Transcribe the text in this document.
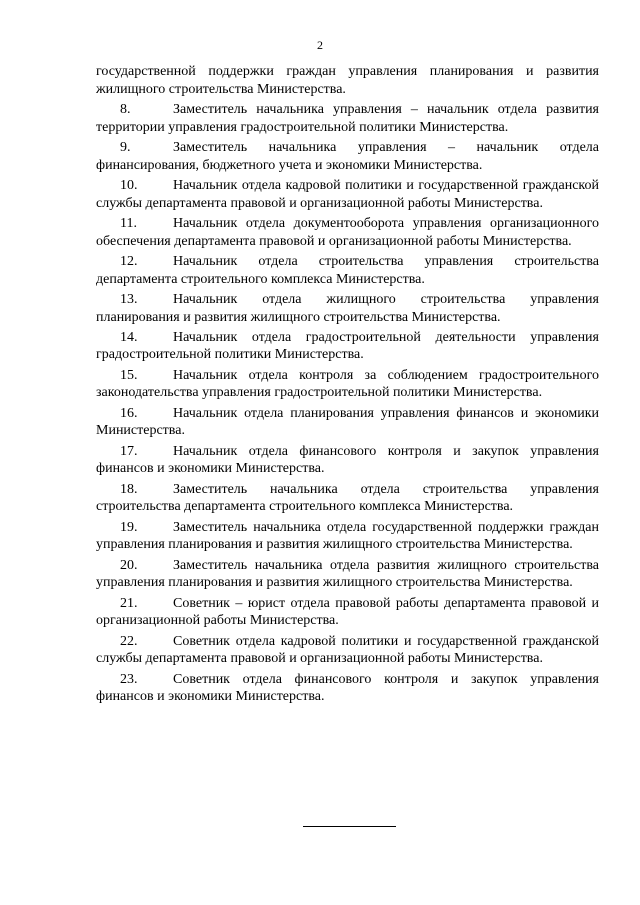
2

государственной поддержки граждан управления планирования и развития жилищного строительства Министерства.

8.	Заместитель начальника управления – начальник отдела развития территории управления градостроительной политики Министерства.

9.	Заместитель начальника управления – начальник отдела финансирования, бюджетного учета и экономики Министерства.

10.	Начальник отдела кадровой политики и государственной гражданской службы департамента правовой и организационной работы Министерства.

11.	Начальник отдела документооборота управления организационного обеспечения департамента правовой и организационной работы Министерства.

12.	Начальник отдела строительства управления строительства департамента строительного комплекса Министерства.

13.	Начальник отдела жилищного строительства управления планирования и развития жилищного строительства Министерства.

14.	Начальник отдела градостроительной деятельности управления градостроительной политики Министерства.

15.	Начальник отдела контроля за соблюдением градостроительного законодательства управления градостроительной политики Министерства.

16.	Начальник отдела планирования управления финансов и экономики Министерства.

17.	Начальник отдела финансового контроля и закупок управления финансов и экономики Министерства.

18.	Заместитель начальника отдела строительства управления строительства департамента строительного комплекса Министерства.

19.	Заместитель начальника отдела государственной поддержки граждан управления планирования и развития жилищного строительства Министерства.

20.	Заместитель начальника отдела развития жилищного строительства управления планирования и развития жилищного строительства Министерства.

21.	Советник – юрист отдела правовой работы департамента правовой и организационной работы Министерства.

22.	Советник отдела кадровой политики и государственной гражданской службы департамента правовой и организационной работы Министерства.

23.	Советник отдела финансового контроля и закупок управления финансов и экономики Министерства.
